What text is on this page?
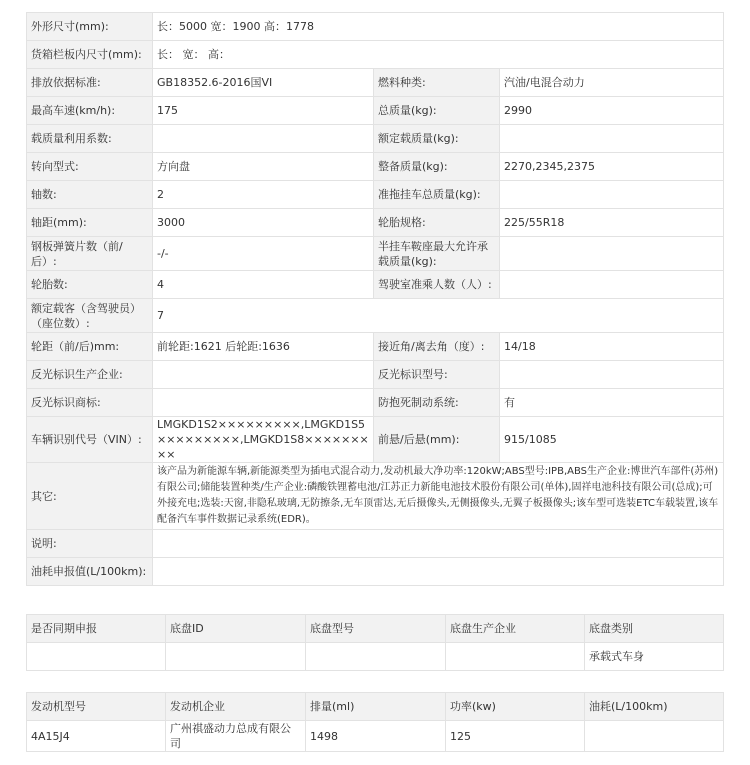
外形尺寸(mm):	长：5000 宽：1900 高：1778		
货箱栏板内尺寸(mm):	长： 宽： 高：		
排放依据标准:	GB18352.6-2016国VI	燃料种类:	汽油/电混合动力
最高车速(km/h):	175	总质量(kg):	2990
载质量利用系数:		额定载质量(kg):	
转向型式:	方向盘	整备质量(kg):	2270,2345,2375
轴数:	2	准拖挂车总质量(kg):	
轴距(mm):	3000	轮胎规格:	225/55R18
钢板弹簧片数（前/后）:	-/-	半挂车鞍座最大允许承载质量(kg):	
轮胎数:	4	驾驶室准乘人数（人）:	
额定载客（含驾驶员）（座位数）:	7		
轮距（前/后)mm:	前轮距:1621 后轮距:1636	接近角/离去角（度）:	14/18
反光标识生产企业:		反光标识型号:	
反光标识商标:		防抱死制动系统:	有
车辆识别代号（VIN）:	LMGKD1S2×××××××××,LMGKD1S5×××××××××,LMGKD1S8×××××××××	前悬/后悬(mm):	915/1085
其它:	该产品为新能源车辆,新能源类型为插电式混合动力,发动机最大净功率:120kW;ABS型号:IPB,ABS生产企业:博世汽车部件(苏州)有限公司;储能装置种类/生产企业:磷酸铁锂蓄电池/江苏正力新能电池技术股份有限公司(单体),固祥电池科技有限公司(总成);可外接充电;选装:天窗,非隐私玻璃,无防擦条,无车顶雷达,无后摄像头,无侧摄像头,无翼子板摄像头;该车型可选装ETC车载装置,该车配备汽车事件数据记录系统(EDR)。		
说明:			
油耗申报值(L/100km):			
是否同期申报	底盘ID	底盘型号	底盘生产企业	底盘类别
				承载式车身
发动机型号	发动机企业	排量(ml)	功率(kw)	油耗(L/100km)
4A15J4	广州祺盛动力总成有限公司	1498	125	
